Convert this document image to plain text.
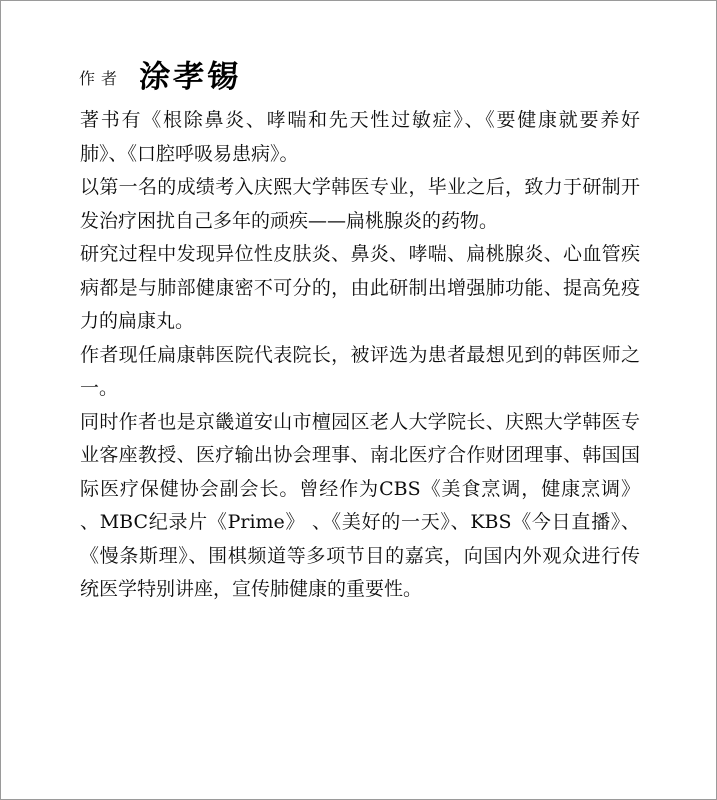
作者 涂孝锡

著书有《根除鼻炎、哮喘和先天性过敏症》、《要健康就要养好肺》、《口腔呼吸易患病》。

以第一名的成绩考入庆熙大学韩医专业，毕业之后，致力于研制开发治疗困扰自己多年的顽疾——扁桃腺炎的药物。

研究过程中发现异位性皮肤炎、鼻炎、哮喘、扁桃腺炎、心血管疾病都是与肺部健康密不可分的，由此研制出增强肺功能、提高免疫力的扁康丸。

作者现任扁康韩医院代表院长，被评选为患者最想见到的韩医师之一。

同时作者也是京畿道安山市檀园区老人大学院长、庆熙大学韩医专业客座教授、医疗输出协会理事、南北医疗合作财团理事、韩国国际医疗保健协会副会长。曾经作为CBS《美食烹调，健康烹调》 、MBC纪录片《Prime》 、《美好的一天》、KBS《今日直播》、《慢条斯理》、围棋频道等多项节目的嘉宾，向国内外观众进行传统医学特别讲座，宣传肺健康的重要性。
